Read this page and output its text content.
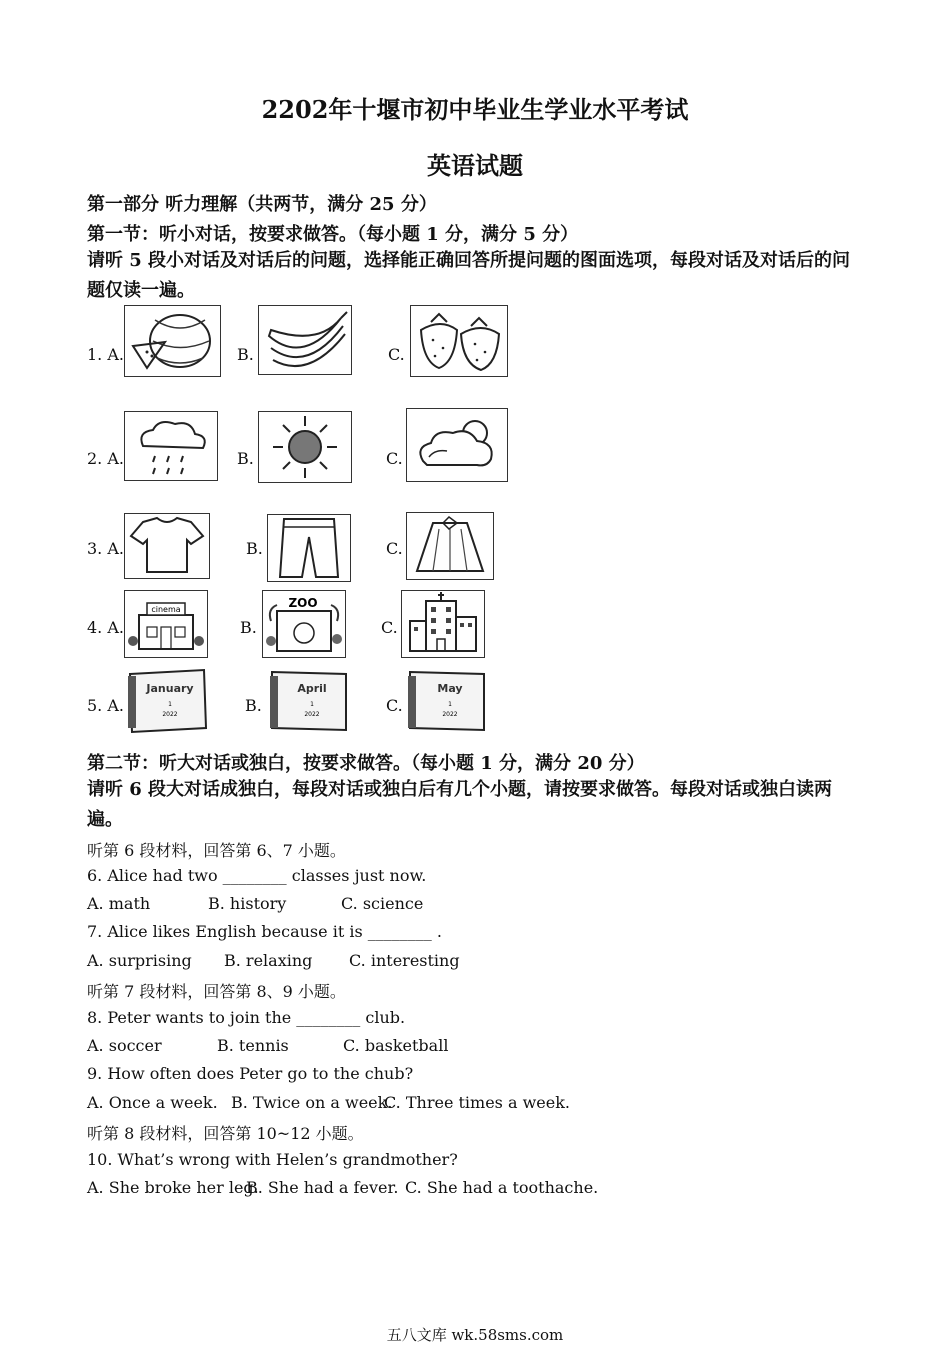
2202年十堰市初中毕业生学业水平考试
英语试题
第一部分 听力理解（共两节，满分 25 分）
第一节：听小对话，按要求做答。（每小题 1 分，满分 5 分）
请听 5 段小对话及对话后的问题，选择能正确回答所提问题的图面选项，每段对话及对话后的问题仅读一遍。
1. A.	B.	C.
2. A.	B.	C.
3. A.	B.	C.
4. A.
cinema
B.
ZOO
C.
5. A.
January
1
2022	B.
April
1
2022	C.
May
1
2022
第二节：听大对话或独白，按要求做答。（每小题 1 分，满分 20 分）
请听 6 段大对话成独白，每段对话或独白后有几个小题，请按要求做答。每段对话或独白读两遍。
听第 6 段材料，回答第 6、7 小题。
6. Alice had two ________ classes just now.
A. math	B. history	C. science
7. Alice likes English because it is ________ .
A. surprising B. relaxing C. interesting
听第 7 段材料，回答第 8、9 小题。
8. Peter wants to join the ________ club.
A. soccer	B. tennis	C. basketball
9. How often does Peter go to the chub?
A. Once a week. B. Twice on a week.
C. Three times a week.
听第 8 段材料，回答第 10~12 小题。
10. What’s wrong with Helen’s grandmother?
A. She broke her leg.
B. She had a fever. C. She had a toothache.
五八文库 wk.58sms.com
